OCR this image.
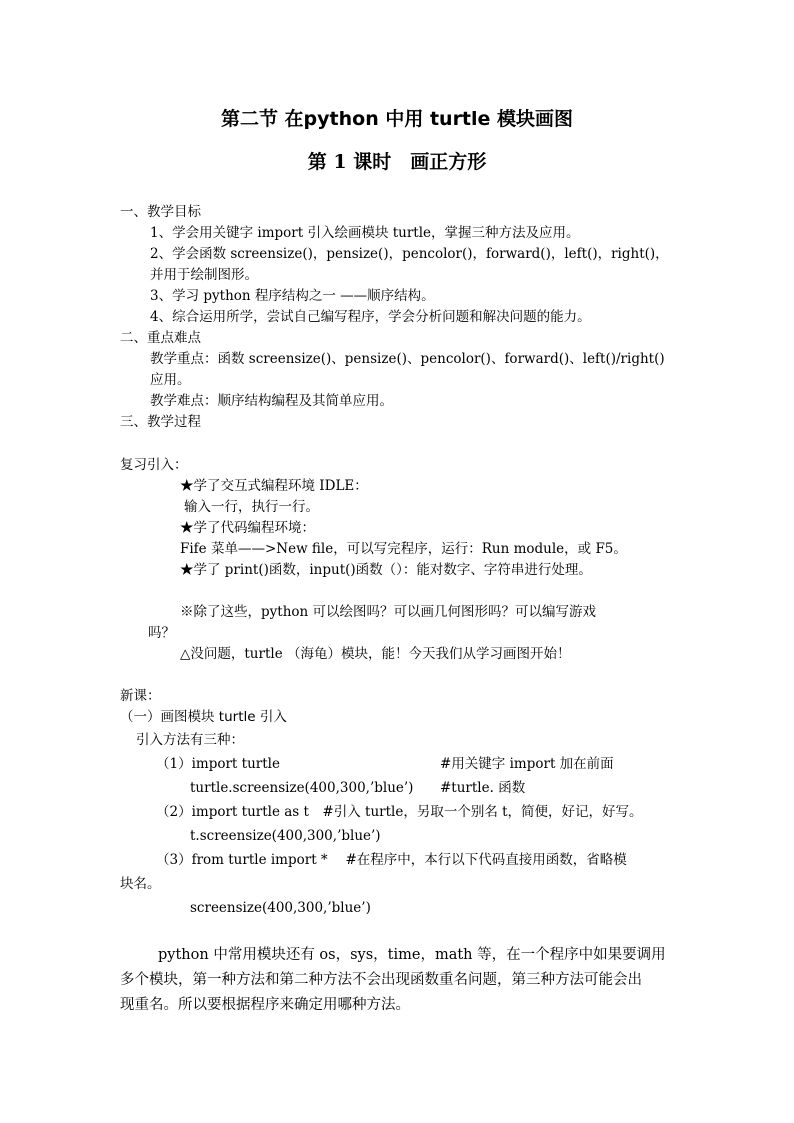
第二节 在python 中用 turtle 模块画图
第 1 课时　画正方形
一、教学目标
1、学会用关键字 import 引入绘画模块 turtle，掌握三种方法及应用。
2、学会函数 screensize()，pensize()，pencolor()，forward()，left()，right()，
并用于绘制图形。
3、学习 python 程序结构之一 ——顺序结构。
4、综合运用所学，尝试自己编写程序，学会分析问题和解决问题的能力。
二、重点难点
教学重点：函数 screensize()、pensize()、pencolor()、forward()、left()/right()
应用。
教学难点：顺序结构编程及其简单应用。
三、教学过程
复习引入：
★学了交互式编程环境 IDLE：
输入一行，执行一行。
★学了代码编程环境：
Fife 菜单——>New file，可以写完程序，运行：Run module，或 F5。
★学了 print()函数，input()函数（）：能对数字、字符串进行处理。
※除了这些，python 可以绘图吗？可以画几何图形吗？可以编写游戏
吗？
△没问题，turtle （海龟）模块，能！今天我们从学习画图开始！
新课：
（一）画图模块 turtle 引入
引入方法有三种：
（1）import turtle	#用关键字 import 加在前面
turtle.screensize(400,300,’blue’) #turtle. 函数
（2）import turtle as t　#引入 turtle，另取一个别名 t，简便，好记，好写。
t.screensize(400,300,’blue’)
（3）from turtle import *　 #在程序中，本行以下代码直接用函数，省略模
块名。
screensize(400,300,’blue’)
python 中常用模块还有 os，sys，time，math 等，在一个程序中如果要调用
多个模块，第一种方法和第二种方法不会出现函数重名问题，第三种方法可能会出
现重名。所以要根据程序来确定用哪种方法。
